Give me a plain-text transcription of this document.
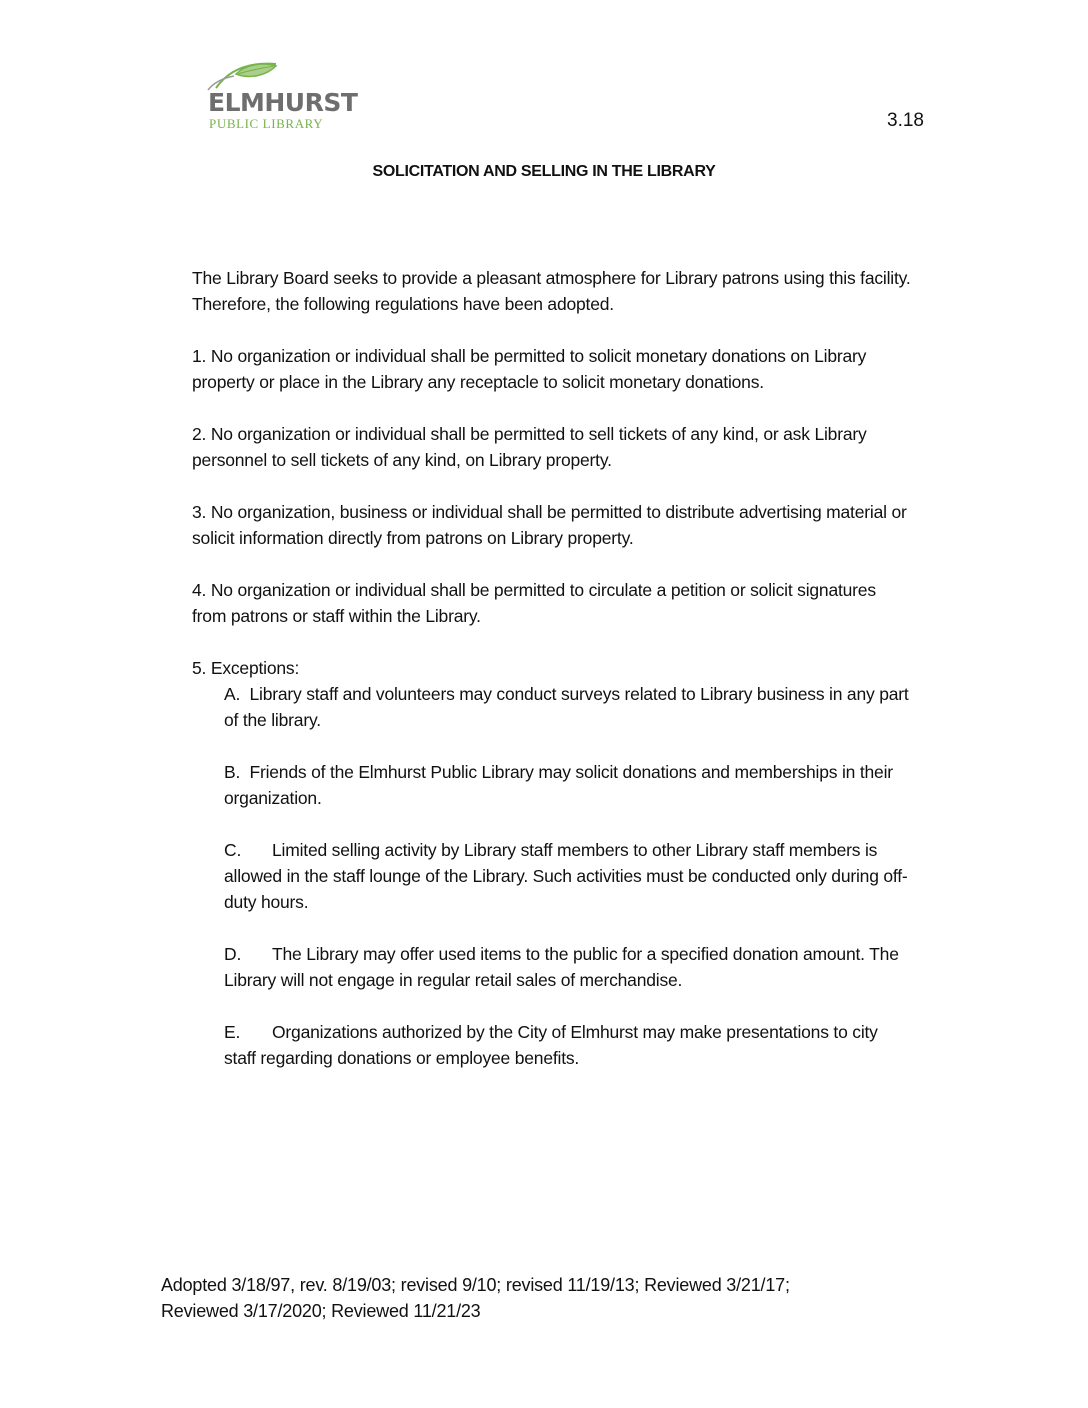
ELMHURST
PUBLIC LIBRARY	3.18
SOLICITATION AND SELLING IN THE LIBRARY

The Library Board seeks to provide a pleasant atmosphere for Library patrons using this facility. Therefore, the following regulations have been adopted.

1. No organization or individual shall be permitted to solicit monetary donations on Library property or place in the Library any receptacle to solicit monetary donations.

2. No organization or individual shall be permitted to sell tickets of any kind, or ask Library personnel to sell tickets of any kind, on Library property.

3. No organization, business or individual shall be permitted to distribute advertising material or solicit information directly from patrons on Library property.

4. No organization or individual shall be permitted to circulate a petition or solicit signatures from patrons or staff within the Library.

5. Exceptions:
A. Library staff and volunteers may conduct surveys related to Library business in any part of the library.
B. Friends of the Elmhurst Public Library may solicit donations and memberships in their organization.
C. Limited selling activity by Library staff members to other Library staff members is allowed in the staff lounge of the Library. Such activities must be conducted only during off-duty hours.
D. The Library may offer used items to the public for a specified donation amount. The Library will not engage in regular retail sales of merchandise.
E. Organizations authorized by the City of Elmhurst may make presentations to city staff regarding donations or employee benefits.
Adopted 3/18/97, rev. 8/19/03; revised 9/10; revised 11/19/13; Reviewed 3/21/17;
Reviewed 3/17/2020; Reviewed 11/21/23
